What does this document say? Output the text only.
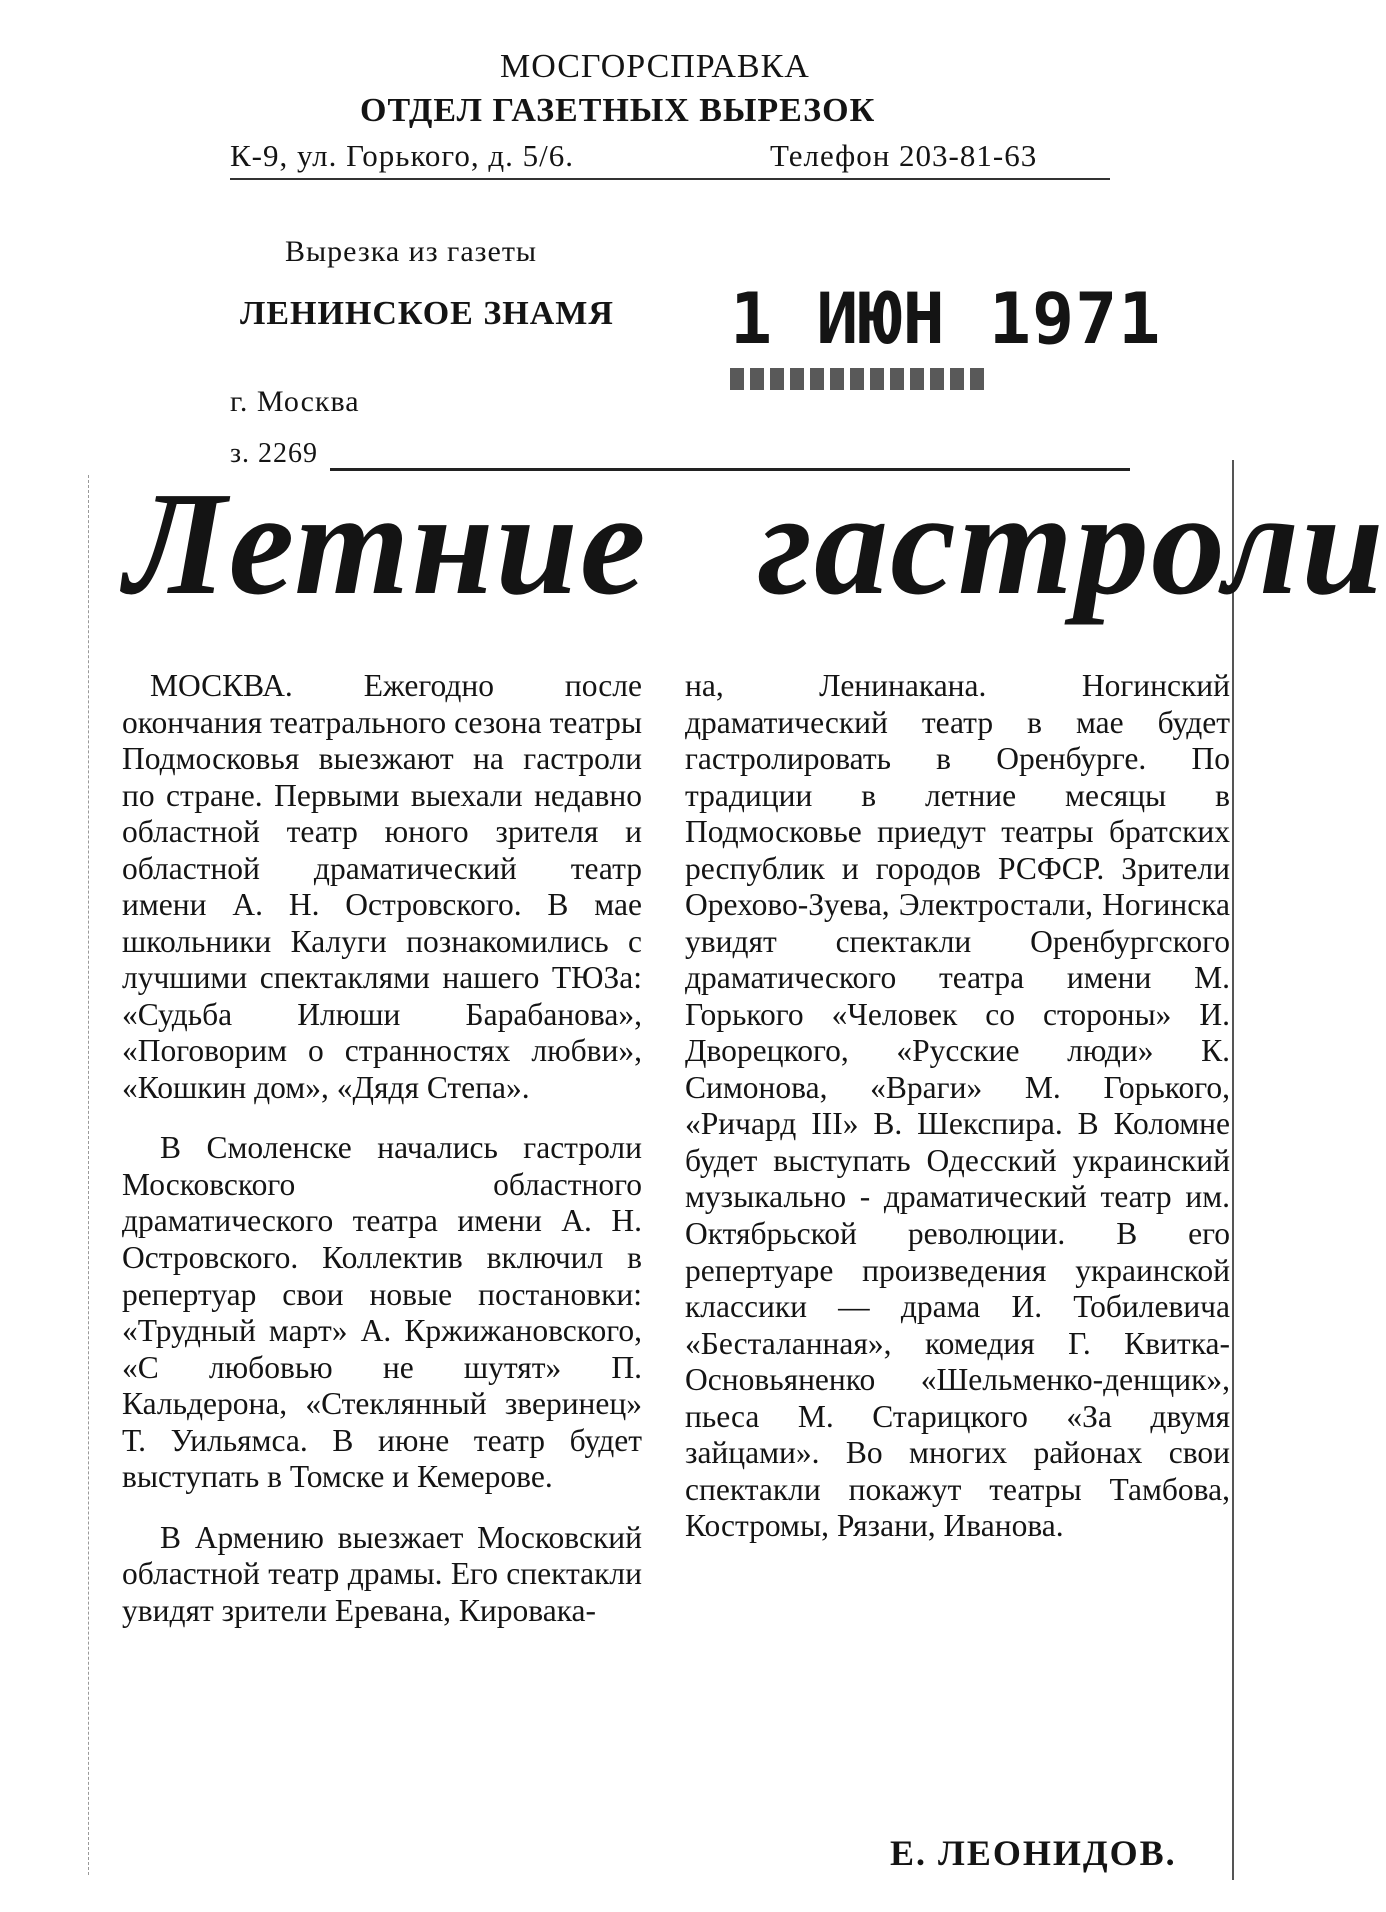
МОСГОРСПРАВКА
ОТДЕЛ ГАЗЕТНЫХ ВЫРЕЗОК
К-9, ул. Горького, д. 5/6.	Телефон 203-81-63
Вырезка из газеты
ЛЕНИНСКОЕ ЗНАМЯ 1 ИЮН 1971
г. Москва
з. 2269
Летние гастроли

МОСКВА. Ежегодно после окончания театрального сезона театры Подмосковья выезжают на гастроли по стране. Первыми выехали недавно областной театр юного зрителя и областной драматический театр имени А. Н. Островского. В мае школьники Калуги познакомились с лучшими спектаклями нашего ТЮЗа: «Судьба Илюши Барабанова», «Поговорим о странностях любви», «Кошкин дом», «Дядя Степа».

В Смоленске начались гастроли Московского областного драматического театра имени А. Н. Островского. Коллектив включил в репертуар свои новые постановки: «Трудный март» А. Кржижановского, «С любовью не шутят» П. Кальдерона, «Стеклянный зверинец» Т. Уильямса. В июне театр будет выступать в Томске и Кемерове.

В Армению выезжает Московский областной театр драмы. Его спектакли увидят зрители Еревана, Кировака-

на, Ленинакана. Ногинский драматический театр в мае будет гастролировать в Оренбурге. По традиции в летние месяцы в Подмосковье приедут театры братских республик и городов РСФСР. Зрители Орехово-Зуева, Электростали, Ногинска увидят спектакли Оренбургского драматического театра имени М. Горького «Человек со стороны» И. Дворецкого, «Русские люди» К. Симонова, «Враги» М. Горького, «Ричард III» В. Шекспира. В Коломне будет выступать Одесский украинский музыкально - драматический театр им. Октябрьской революции. В его репертуаре произведения украинской классики — драма И. Тобилевича «Бесталанная», комедия Г. Квитка-Основьяненко «Шельменко-денщик», пьеса М. Старицкого «За двумя зайцами». Во многих районах свои спектакли покажут театры Тамбова, Костромы, Рязани, Иванова.

Е. ЛЕОНИДОВ.
